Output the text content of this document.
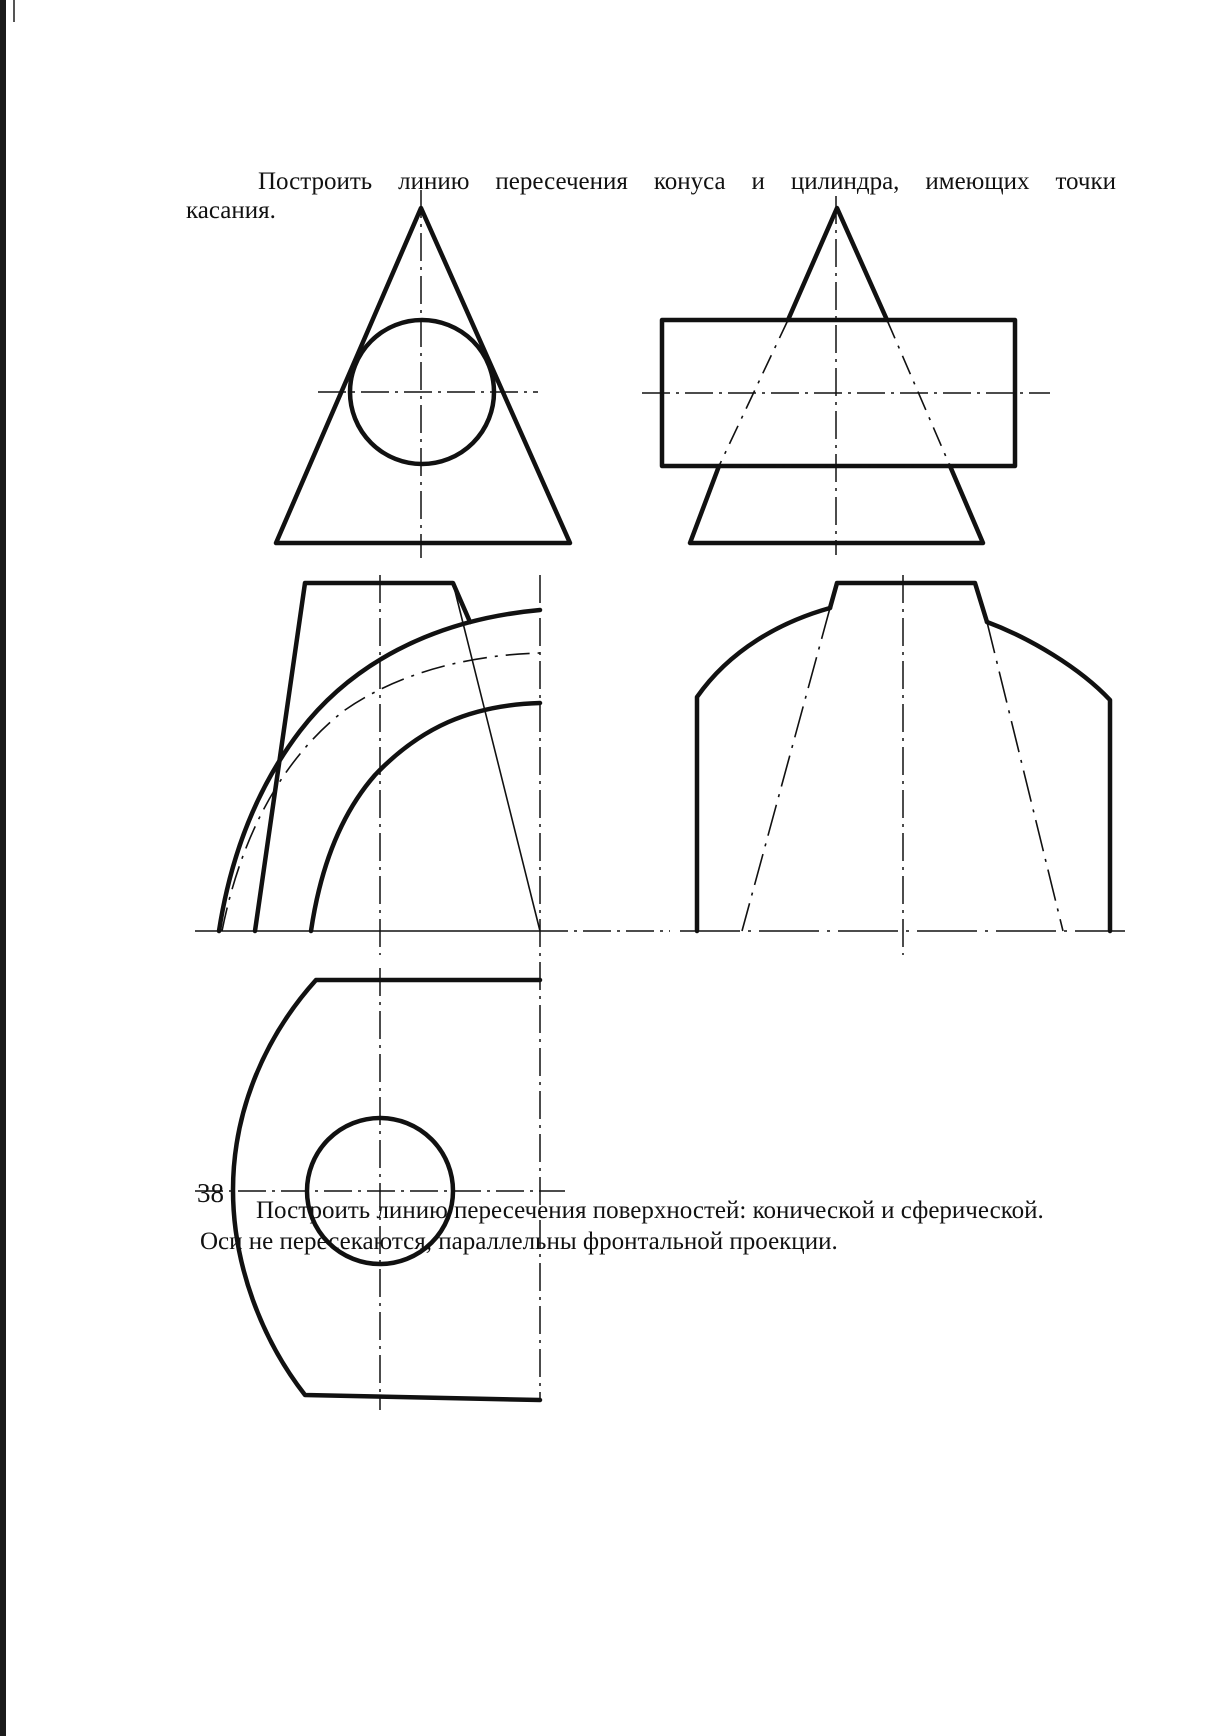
Построить линию пересечения конуса и цилиндра, имеющих точки
касания.
Построить линию пересечения поверхностей: конической и сферической.
Оси не пересекаются, параллельны фронтальной проекции.
38
